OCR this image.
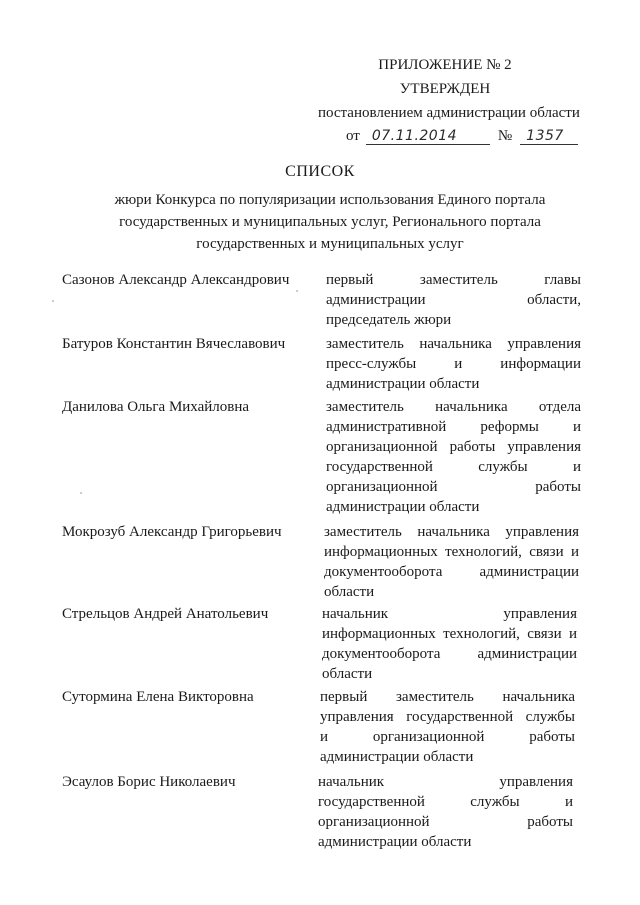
ПРИЛОЖЕНИЕ № 2
УТВЕРЖДЕН
постановлением администрации области
от 07.11.2014	№	1357
СПИСОК
жюри Конкурса по популяризации использования Единого портала
государственных и муниципальных услуг, Регионального портала
государственных и муниципальных услуг
Сазонов Александр Александрович	первый заместитель главы
администрации области,
председатель жюри
Батуров Константин Вячеславович	заместитель начальника управления
пресс-службы и информации
администрации области
Данилова Ольга Михайловна	заместитель начальника отдела
административной реформы и
организационной работы управления
государственной службы и
организационной работы
администрации области
Мокрозуб Александр Григорьевич	заместитель начальника управления
информационных технологий, связи и
документооборота администрации
области
Стрельцов Андрей Анатольевич	начальник управления
информационных технологий, связи и
документооборота администрации
области
Сутормина Елена Викторовна	первый заместитель начальника
управления государственной службы
и организационной работы
администрации области
Эсаулов Борис Николаевич	начальник управления
государственной службы и
организационной работы
администрации области
